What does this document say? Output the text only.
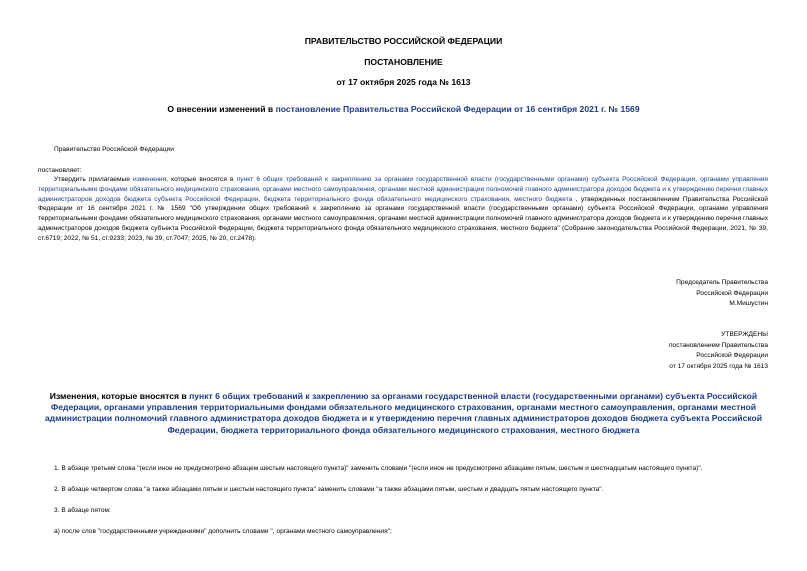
ПРАВИТЕЛЬСТВО РОССИЙСКОЙ ФЕДЕРАЦИИ
ПОСТАНОВЛЕНИЕ
от 17 октября 2025 года № 1613
О внесении изменений в постановление Правительства Российской Федерации от 16 сентября 2021 г. № 1569
Правительство Российской Федерации
постановляет:
Утвердить прилагаемые изменения, которые вносятся в пункт 6 общих требований к закреплению за органами государственной власти (государственными органами) субъекта Российской Федерации, органами управления территориальными фондами обязательного медицинского страхования, органами местного самоуправления, органами местной администрации полномочий главного администратора доходов бюджета и к утверждению перечня главных администраторов доходов бюджета субъекта Российской Федерации, бюджета территориального фонда обязательного медицинского страхования, местного бюджета , утвержденных постановлением Правительства Российской Федерации от 16 сентября 2021 г. № 1569 "Об утверждении общих требований к закреплению за органами государственной власти (государственными органами) субъекта Российской Федерации, органами управления территориальными фондами обязательного медицинского страхования, органами местного самоуправления, органами местной администрации полномочий главного администратора доходов бюджета и к утверждению перечня главных администраторов доходов бюджета субъекта Российской Федерации, бюджета территориального фонда обязательного медицинского страхования, местного бюджета" (Собрание законодательства Российской Федерации, 2021, № 39, ст.6719; 2022, № 51, ст.9233; 2023, № 39, ст.7047; 2025, № 20, ст.2478).
Председатель Правительства
Российской Федерации
М.Мишустин
УТВЕРЖДЕНЫ
постановлением Правительства
Российской Федерации
от 17 октября 2025 года № 1613
Изменения, которые вносятся в пункт 6 общих требований к закреплению за органами государственной власти (государственными органами) субъекта Российской Федерации, органами управления территориальными фондами обязательного медицинского страхования, органами местного самоуправления, органами местной администрации полномочий главного администратора доходов бюджета и к утверждению перечня главных администраторов доходов бюджета субъекта Российской Федерации, бюджета территориального фонда обязательного медицинского страхования, местного бюджета
1. В абзаце третьем слова "(если иное не предусмотрено абзацем шестым настоящего пункта)" заменить словами "(если иное не предусмотрено абзацами пятым, шестым и шестнадцатым настоящего пункта)".
2. В абзаце четвертом слова "а также абзацами пятым и шестым настоящего пункта" заменить словами "а также абзацами пятым, шестым и двадцать пятым настоящего пункта".
3. В абзаце пятом:
а) после слов "государственными учреждениями" дополнить словами ", органами местного самоуправления";
